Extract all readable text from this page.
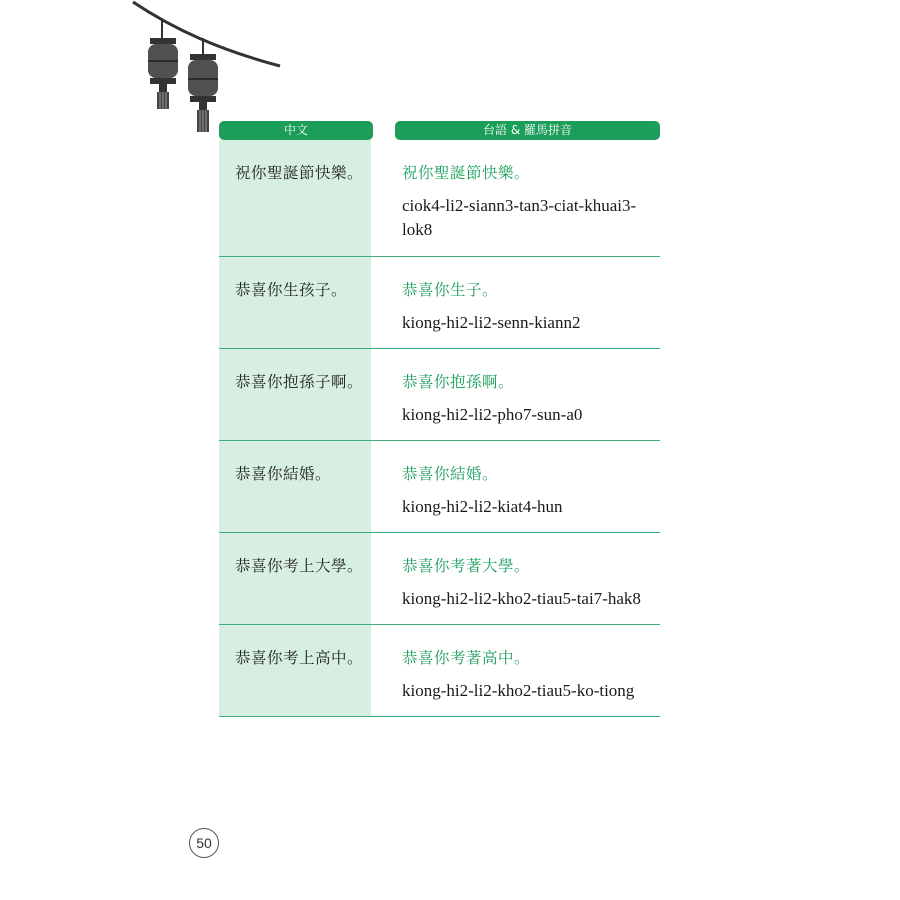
中文	台語 & 羅馬拼音
祝你聖誕節快樂。	祝你聖誕節快樂。
ciok4-li2-siann3-tan3-ciat-khuai3-lok8
恭喜你生孩子。	恭喜你生子。
kiong-hi2-li2-senn-kiann2
恭喜你抱孫子啊。	恭喜你抱孫啊。
kiong-hi2-li2-pho7-sun-a0
恭喜你結婚。	恭喜你結婚。
kiong-hi2-li2-kiat4-hun
恭喜你考上大學。	恭喜你考著大學。
kiong-hi2-li2-kho2-tiau5-tai7-hak8
恭喜你考上高中。	恭喜你考著高中。
kiong-hi2-li2-kho2-tiau5-ko-tiong
50
